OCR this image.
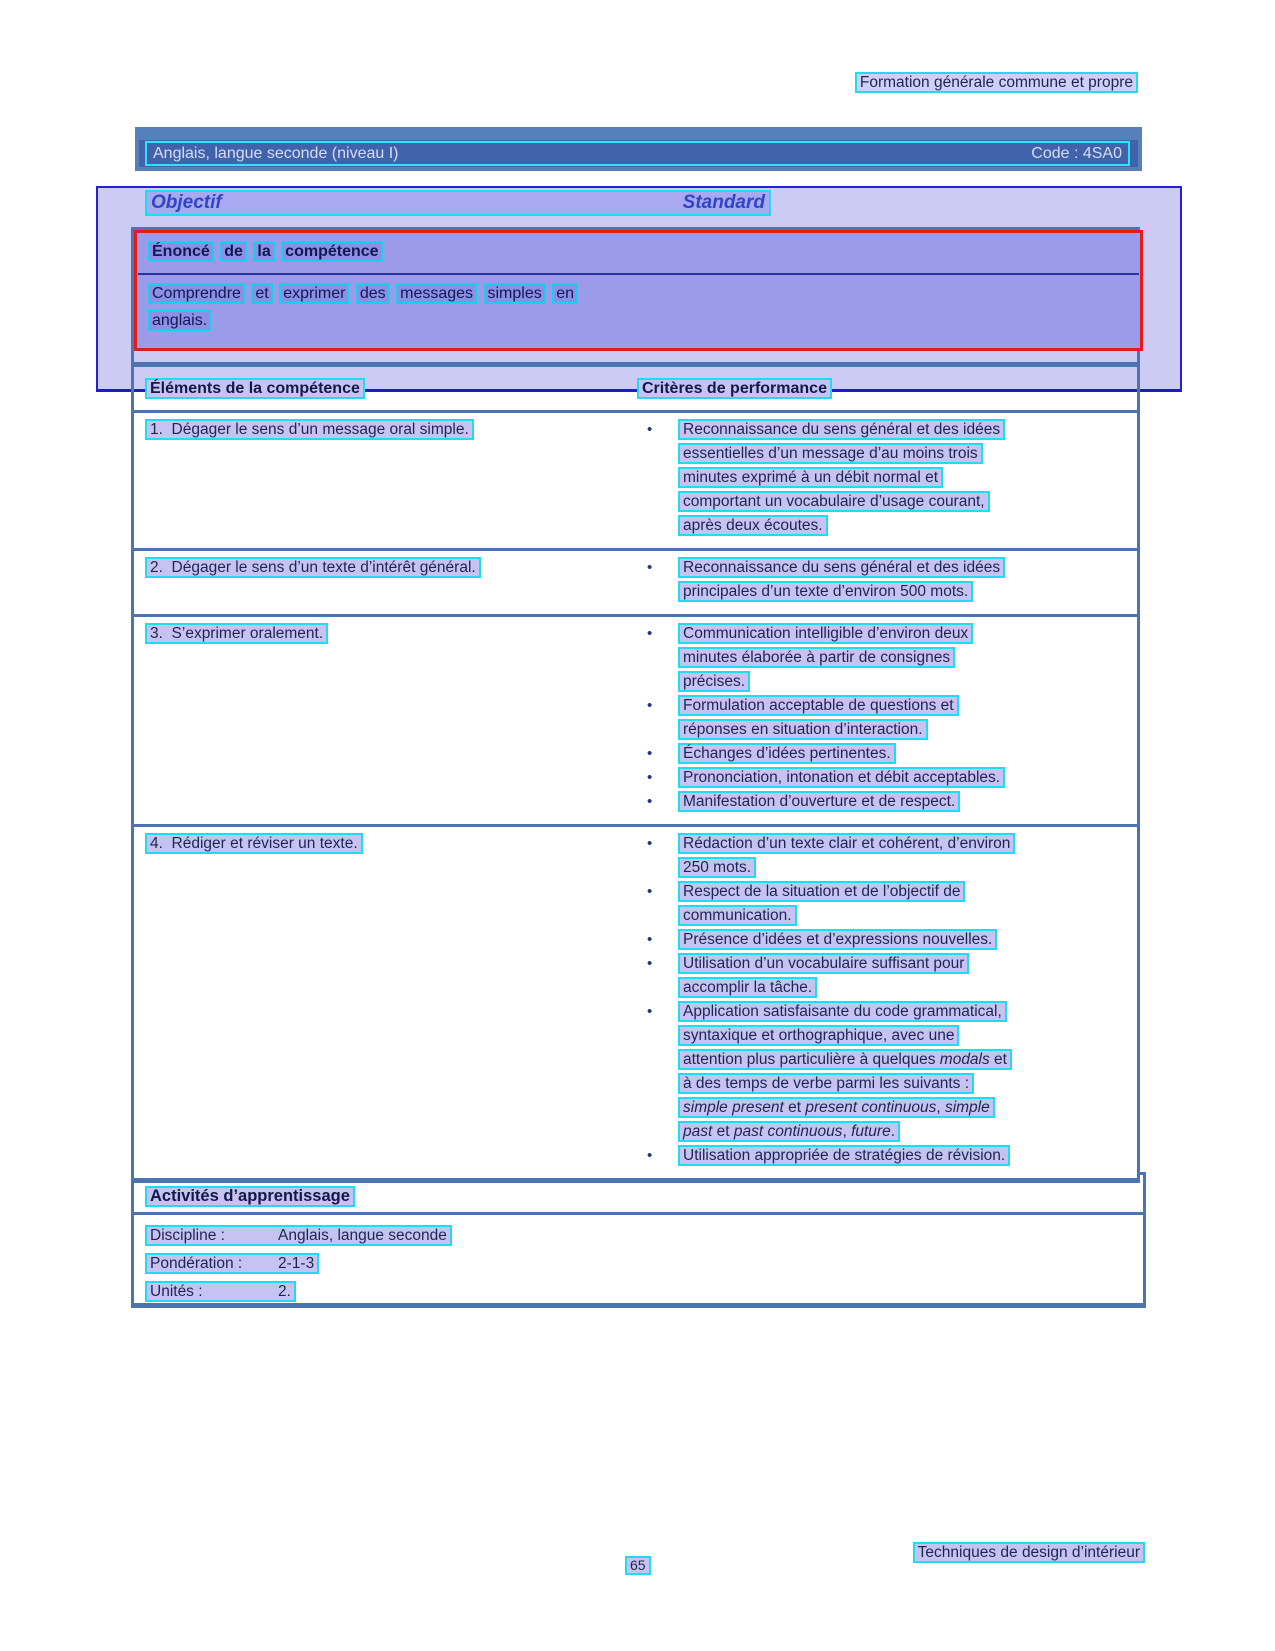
Formation générale commune et propre
Anglais, langue seconde (niveau I)	Code : 4SA0
Objectif	Standard
Énoncé de la compétence
Comprendre et exprimer des messages simples en
anglais.
Éléments de la compétence	Critères de performance
1.  Dégager le sens d’un message oral simple.	•	Reconnaissance du sens général et des idées
essentielles d’un message d’au moins trois
minutes exprimé à un débit normal et
comportant un vocabulaire d’usage courant,
après deux écoutes.
2.  Dégager le sens d’un texte d’intérêt général.	•	Reconnaissance du sens général et des idées
principales d’un texte d’environ 500 mots.
3.  S’exprimer oralement.	•	Communication intelligible d’environ deux
minutes élaborée à partir de consignes
précises.
•	Formulation acceptable de questions et
réponses en situation d’interaction.
•	Échanges d’idées pertinentes.
•	Prononciation, intonation et débit acceptables.
•	Manifestation d’ouverture et de respect.
4.  Rédiger et réviser un texte.	•	Rédaction d’un texte clair et cohérent, d’environ
250 mots.
•	Respect de la situation et de l’objectif de
communication.
•	Présence d’idées et d’expressions nouvelles.
•	Utilisation d’un vocabulaire suffisant pour
accomplir la tâche.
•	Application satisfaisante du code grammatical,
syntaxique et orthographique, avec une
attention plus particulière à quelques modals et
à des temps de verbe parmi les suivants :
simple present et present continuous, simple
past et past continuous, future.
•	Utilisation appropriée de stratégies de révision.
Activités d’apprentissage
Discipline :	Anglais, langue seconde
Pondération : 2-1-3
Unités :	2.
Techniques de design d’intérieur
65
